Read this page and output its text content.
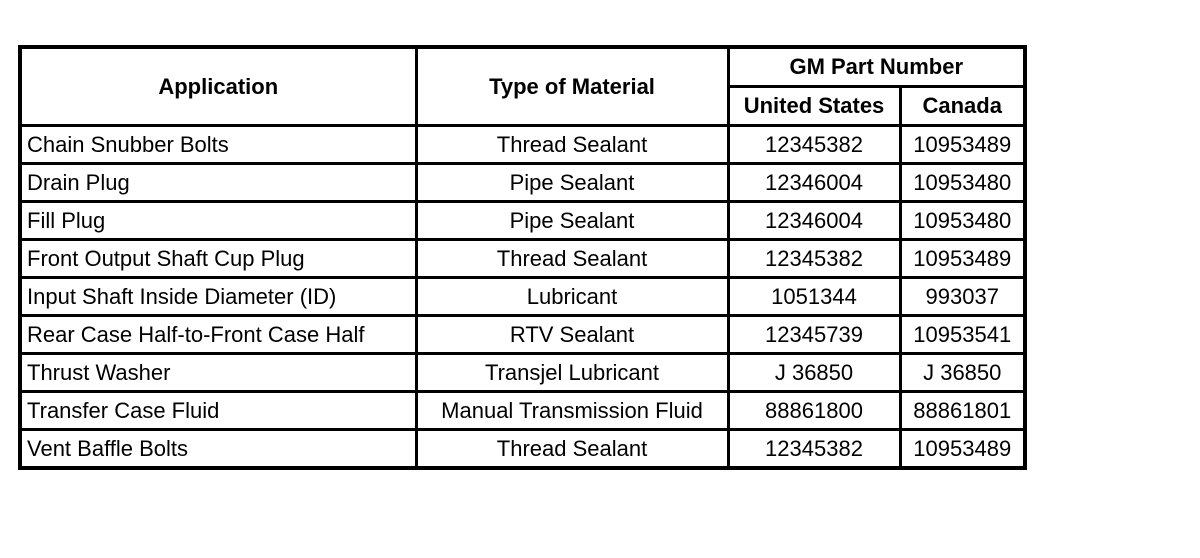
Application	Type of Material	GM Part Number	
		United States	Canada
Chain Snubber Bolts	Thread Sealant	12345382	10953489
Drain Plug	Pipe Sealant	12346004	10953480
Fill Plug	Pipe Sealant	12346004	10953480
Front Output Shaft Cup Plug	Thread Sealant	12345382	10953489
Input Shaft Inside Diameter (ID)	Lubricant	1051344	993037
Rear Case Half-to-Front Case Half	RTV Sealant	12345739	10953541
Thrust Washer	Transjel Lubricant	J 36850	J 36850
Transfer Case Fluid	Manual Transmission Fluid	88861800	88861801
Vent Baffle Bolts	Thread Sealant	12345382	10953489
